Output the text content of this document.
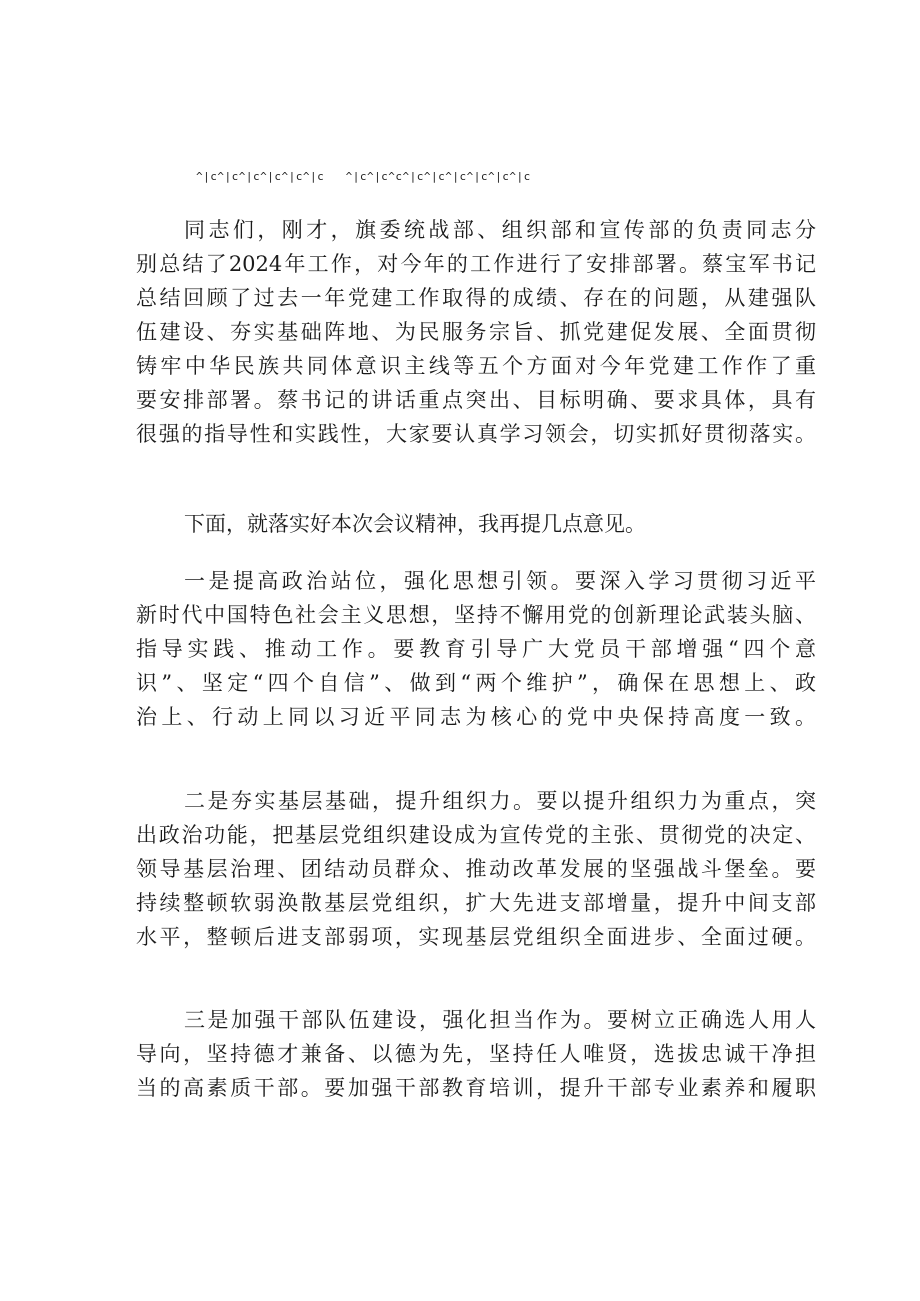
^|c^|c^|c^|c^|c^|c   ^|c^|c^c^|c^|c^|c^|c^|c^|c
同志们，刚才，旗委统战部、组织部和宣传部的负责同志分
别总结了2024年工作，对今年的工作进行了安排部署。蔡宝军书记
总结回顾了过去一年党建工作取得的成绩、存在的问题，从建强队
伍建设、夯实基础阵地、为民服务宗旨、抓党建促发展、全面贯彻
铸牢中华民族共同体意识主线等五个方面对今年党建工作作了重
要安排部署。蔡书记的讲话重点突出、目标明确、要求具体，具有
很强的指导性和实践性，大家要认真学习领会，切实抓好贯彻落实。
下面，就落实好本次会议精神，我再提几点意见。
一是提高政治站位，强化思想引领。要深入学习贯彻习近平
新时代中国特色社会主义思想，坚持不懈用党的创新理论武装头脑、
指导实践、推动工作。要教育引导广大党员干部增强“四个意
识”、坚定“四个自信”、做到“两个维护”，确保在思想上、政
治上、行动上同以习近平同志为核心的党中央保持高度一致。
二是夯实基层基础，提升组织力。要以提升组织力为重点，突
出政治功能，把基层党组织建设成为宣传党的主张、贯彻党的决定、
领导基层治理、团结动员群众、推动改革发展的坚强战斗堡垒。要
持续整顿软弱涣散基层党组织，扩大先进支部增量，提升中间支部
水平，整顿后进支部弱项，实现基层党组织全面进步、全面过硬。
三是加强干部队伍建设，强化担当作为。要树立正确选人用人
导向，坚持德才兼备、以德为先，坚持任人唯贤，选拔忠诚干净担
当的高素质干部。要加强干部教育培训，提升干部专业素养和履职
